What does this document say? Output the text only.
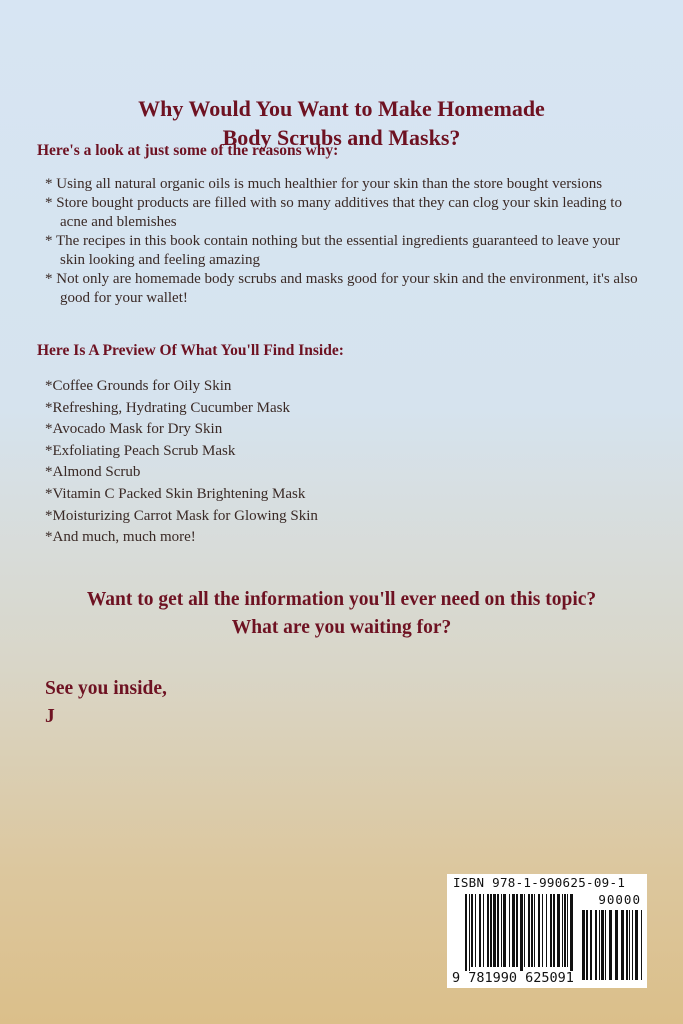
Why Would You Want to Make Homemade
Body Scrubs and Masks?
Here's a look at just some of the reasons why:
* Using all natural organic oils is much healthier for your skin than the store bought versions
* Store bought products are filled with so many additives that they can clog your skin leading to acne and blemishes
* The recipes in this book contain nothing but the essential ingredients guaranteed to leave your skin looking and feeling amazing
* Not only are homemade body scrubs and masks good for your skin and the environment, it's also good for your wallet!
Here Is A Preview Of What You'll Find Inside:
*Coffee Grounds for Oily Skin
*Refreshing, Hydrating Cucumber Mask
*Avocado Mask for Dry Skin
*Exfoliating Peach Scrub Mask
*Almond Scrub
*Vitamin C Packed Skin Brightening Mask
*Moisturizing Carrot Mask for Glowing Skin
*And much, much more!
Want to get all the information you'll ever need on this topic?
What are you waiting for?
See you inside,
J
ISBN 978-1-990625-09-1
90000
9 781990 625091
